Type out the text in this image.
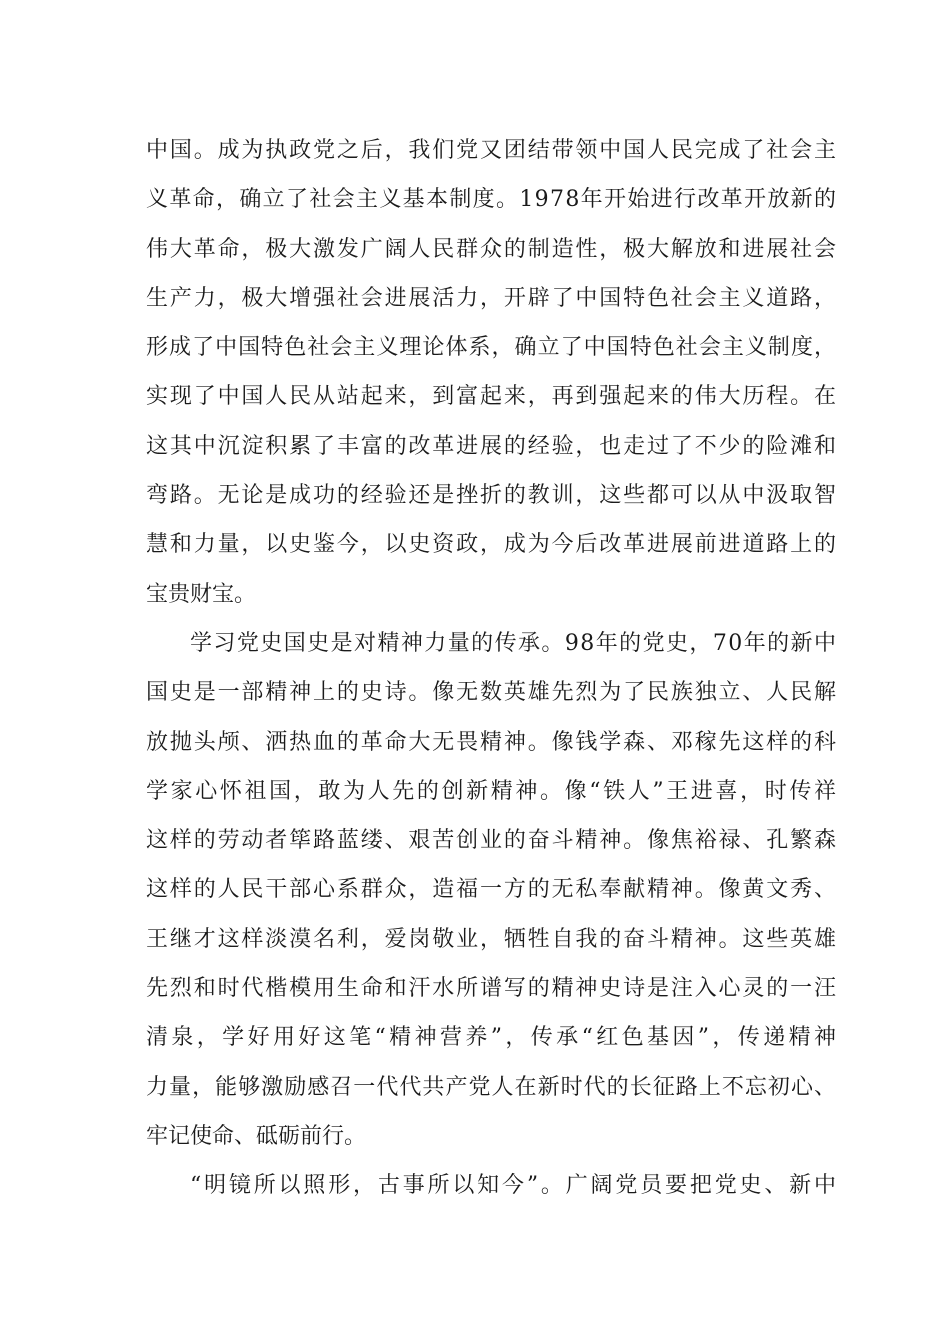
中国。成为执政党之后，我们党又团结带领中国人民完成了社会主
义革命，确立了社会主义基本制度。1978年开始进行改革开放新的
伟大革命，极大激发广阔人民群众的制造性，极大解放和进展社会
生产力，极大增强社会进展活力，开辟了中国特色社会主义道路，
形成了中国特色社会主义理论体系，确立了中国特色社会主义制度，
实现了中国人民从站起来，到富起来，再到强起来的伟大历程。在
这其中沉淀积累了丰富的改革进展的经验，也走过了不少的险滩和
弯路。无论是成功的经验还是挫折的教训，这些都可以从中汲取智
慧和力量，以史鉴今，以史资政，成为今后改革进展前进道路上的
宝贵财宝。
学习党史国史是对精神力量的传承。98年的党史，70年的新中
国史是一部精神上的史诗。像无数英雄先烈为了民族独立、人民解
放抛头颅、洒热血的革命大无畏精神。像钱学森、邓稼先这样的科
学家心怀祖国，敢为人先的创新精神。像“铁人”王进喜，时传祥
这样的劳动者筚路蓝缕、艰苦创业的奋斗精神。像焦裕禄、孔繁森
这样的人民干部心系群众，造福一方的无私奉献精神。像黄文秀、
王继才这样淡漠名利，爱岗敬业，牺牲自我的奋斗精神。这些英雄
先烈和时代楷模用生命和汗水所谱写的精神史诗是注入心灵的一汪
清泉，学好用好这笔“精神营养”，传承“红色基因”，传递精神
力量，能够激励感召一代代共产党人在新时代的长征路上不忘初心、
牢记使命、砥砺前行。
“明镜所以照形，古事所以知今”。广阔党员要把党史、新中
